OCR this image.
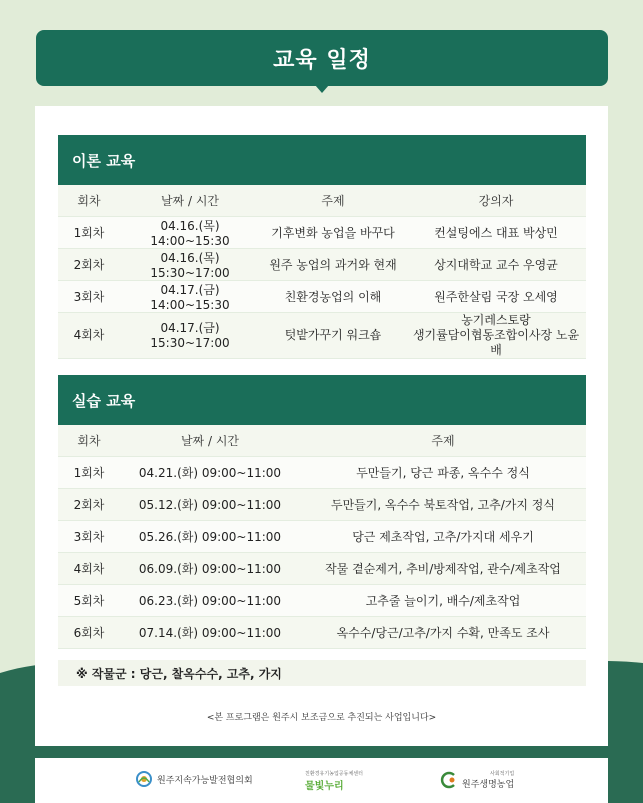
교육 일정
이론 교육
회차	날짜 / 시간	주제	강의자
1회차	04.16.(목) 14:00~15:30	기후변화 농업을 바꾸다	컨설팅에스 대표 박상민
2회차	04.16.(목) 15:30~17:00	원주 농업의 과거와 현재	상지대학교 교수 우영균
3회차	04.17.(금) 14:00~15:30	친환경농업의 이해	원주한살림 국장 오세영
4회차	04.17.(금) 15:30~17:00	텃밭가꾸기 워크숍	농기레스토랑
생기률담이협동조합이사장 노윤배
실습 교육
회차	날짜 / 시간	주제
1회차	04.21.(화) 09:00~11:00	두만들기, 당근 파종, 옥수수 정식
2회차	05.12.(화) 09:00~11:00	두만들기, 옥수수 북토작업, 고추/가지 정식
3회차	05.26.(화) 09:00~11:00	당근 제초작업, 고추/가지대 세우기
4회차	06.09.(화) 09:00~11:00	작물 곁순제거, 추비/방제작업, 관수/제초작업
5회차	06.23.(화) 09:00~11:00	고추줄 늘이기, 배수/제초작업
6회차	07.14.(화) 09:00~11:00	옥수수/당근/고추/가지 수확, 만족도 조사
※ 작물군 : 당근, 찰옥수수, 고추, 가지
<본 프로그램은 원주시 보조금으로 추진되는 사업입니다>
원주지속가능발전협의회
친환경유기농업공동체센터
물빛누리
사회적기업
원주생명농업
